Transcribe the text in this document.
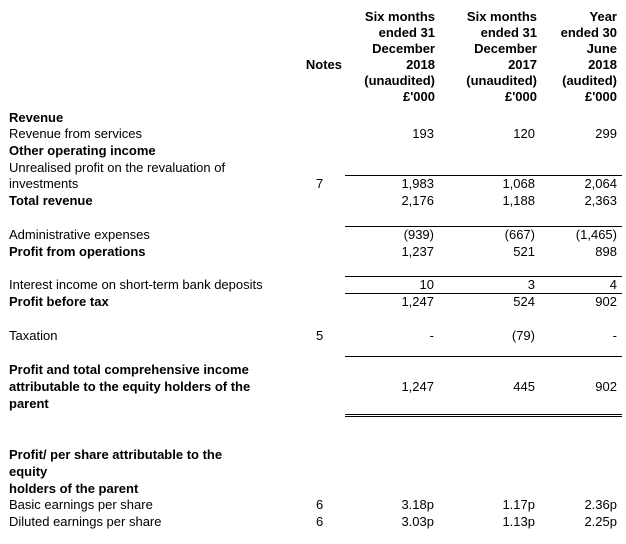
Notes
Six months
ended 31
December
2018
(unaudited)
£'000
Six months
ended 31
December
2017
(unaudited)
£'000
Year
ended 30
June
2018
(audited)
£'000
Revenue
Revenue from services
Other operating income
Unrealised profit on the revaluation of
investments
Total revenue
Administrative expenses
Profit from operations
Interest income on short-term bank deposits
Profit before tax
Taxation
Profit and total comprehensive income
attributable to the equity holders of the
parent
Profit/ per share attributable to the
equity
holders of the parent
Basic earnings per share
Diluted earnings per share
7
5
6
6
193
1,983
2,176
(939)
1,237
10
1,247
-
1,247
3.18p
3.03p
120
1,068
1,188
(667)
521
3
524
(79)
445
1.17p
1.13p
299
2,064
2,363
(1,465)
898
4
902
-
902
2.36p
2.25p
